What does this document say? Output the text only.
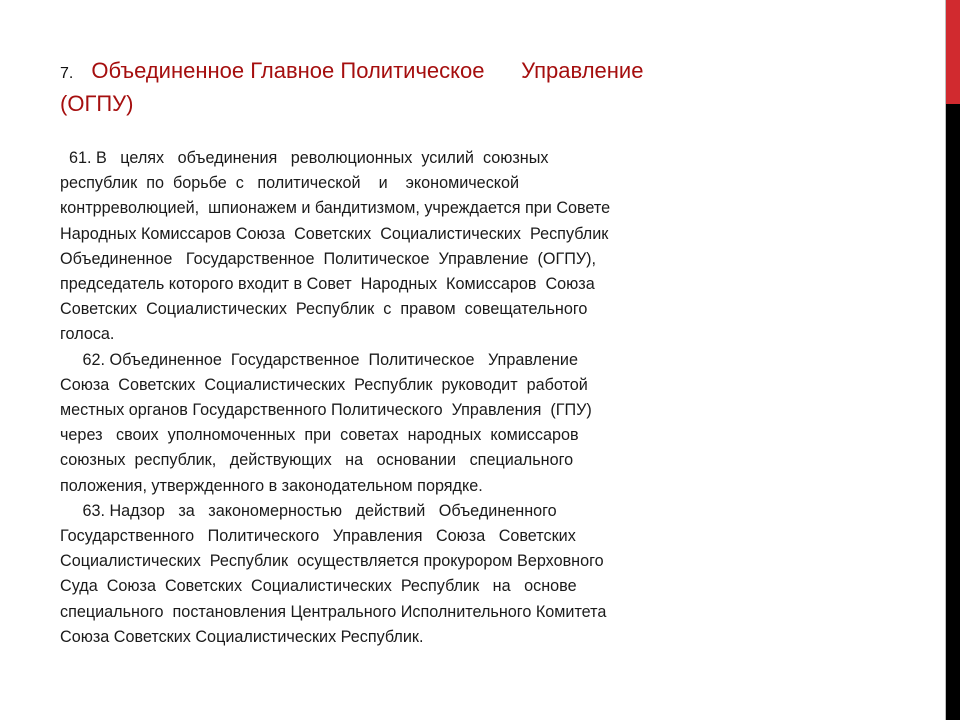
7. Объединенное Главное Политическое      Управление
(ОГПУ)
61. В   целях   объединения   революционных  усилий  союзных
республик  по  борьбе  с   политической    и    экономической
контрреволюцией,  шпионажем и бандитизмом, учреждается при Совете
Народных Комиссаров Союза  Советских  Социалистических  Республик
Объединенное   Государственное  Политическое  Управление  (ОГПУ),
председатель которого входит в Совет  Народных  Комиссаров  Союза
Советских  Социалистических  Республик  с  правом  совещательного
голоса.
62. Объединенное  Государственное  Политическое   Управление
Союза  Советских  Социалистических  Республик  руководит  работой
местных органов Государственного Политического  Управления  (ГПУ)
через   своих  уполномоченных  при  советах  народных  комиссаров
союзных  республик,   действующих   на   основании   специального
положения, утвержденного в законодательном порядке.
63. Надзор   за   закономерностью   действий   Объединенного
Государственного   Политического   Управления   Союза   Советских
Социалистических  Республик  осуществляется прокурором Верховного
Суда  Союза  Советских  Социалистических  Республик   на   основе
специального  постановления Центрального Исполнительного Комитета
Союза Советских Социалистических Республик.
